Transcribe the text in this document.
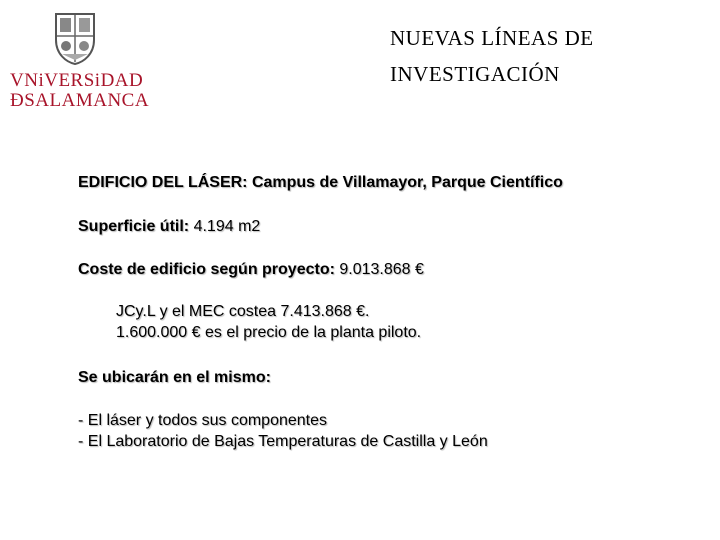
VNiVERSiDAD
ÐSALAMANCA
NUEVAS LÍNEAS DE
INVESTIGACIÓN
EDIFICIO DEL LÁSER: Campus de Villamayor, Parque Científico
Superficie útil: 4.194 m2
Coste de edificio según proyecto: 9.013.868 €
JCy.L y el MEC costea 7.413.868 €.
1.600.000 € es el precio de la planta piloto.
Se ubicarán en el mismo:
- El láser y todos sus componentes
- El Laboratorio de Bajas Temperaturas de Castilla y León
